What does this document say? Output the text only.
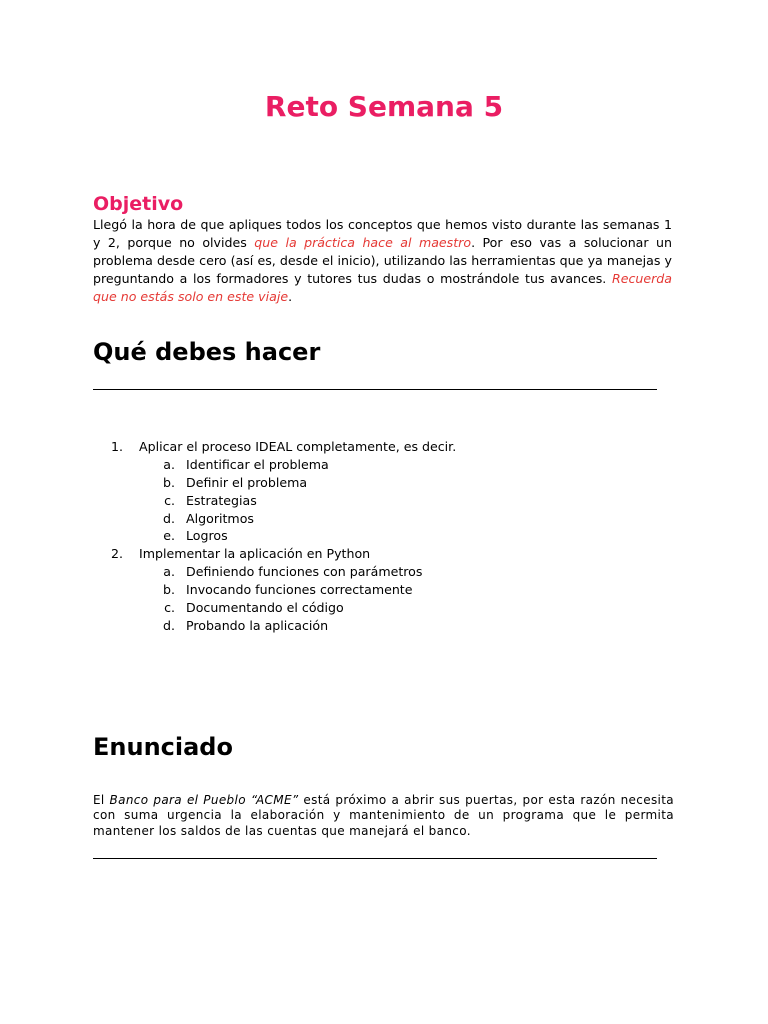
Reto Semana 5
Objetivo

Llegó la hora de que apliques todos los conceptos que hemos visto durante las semanas 1 y 2, porque no olvides que la práctica hace al maestro. Por eso vas a solucionar un problema desde cero (así es, desde el inicio), utilizando las herramientas que ya manejas y preguntando a los formadores y tutores tus dudas o mostrándole tus avances. Recuerda que no estás solo en este viaje.

Qué debes hacer
1. Aplicar el proceso IDEAL completamente, es decir.
a. Identificar el problema
b. Definir el problema
c. Estrategias
d. Algoritmos
e. Logros
2. Implementar la aplicación en Python
a. Definiendo funciones con parámetros
b. Invocando funciones correctamente
c. Documentando el código
d. Probando la aplicación
Enunciado

El Banco para el Pueblo “ACME” está próximo a abrir sus puertas, por esta razón necesita con suma urgencia la elaboración y mantenimiento de un programa que le permita mantener los saldos de las cuentas que manejará el banco.
